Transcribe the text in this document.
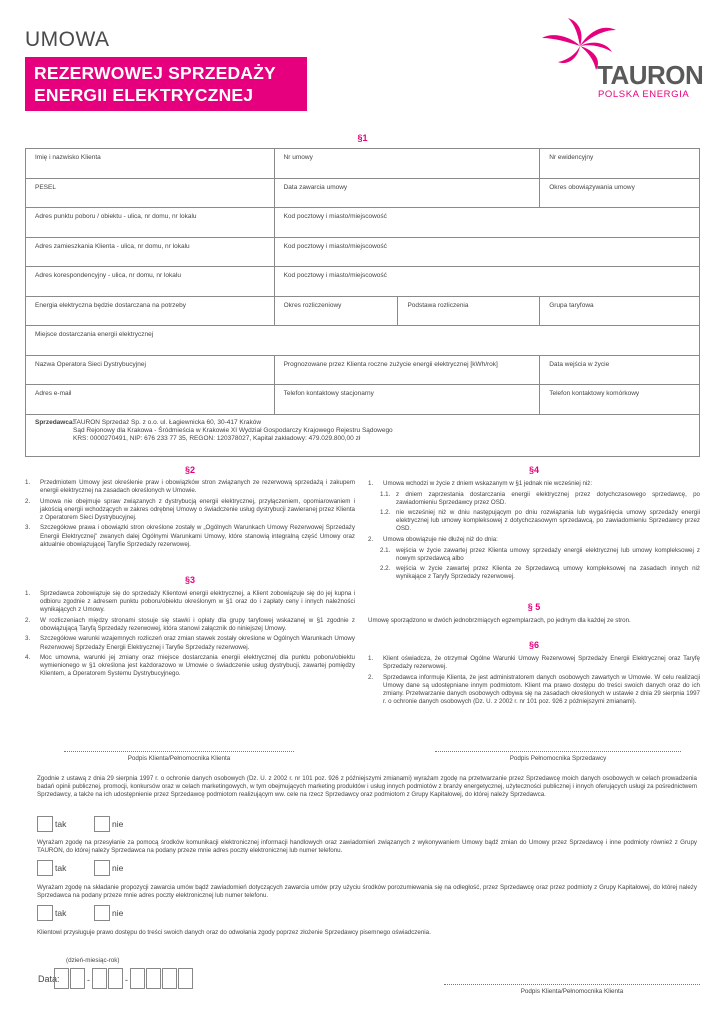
UMOWA
REZERWOWEJ SPRZEDAŻY
ENERGII ELEKTRYCZNEJ
TAURON
POLSKA ENERGIA
§1
Imię i nazwisko Klienta	Nr umowy		Nr ewidencyjny
PESEL	Data zawarcia umowy		Okres obowiązywania umowy
Adres punktu poboru / obiektu - ulica, nr domu, nr lokalu	Kod pocztowy i miasto/miejscowość		
Adres zamieszkania Klienta - ulica, nr domu, nr lokalu	Kod pocztowy i miasto/miejscowość		
Adres korespondencyjny - ulica, nr domu, nr lokalu	Kod pocztowy i miasto/miejscowość		
Energia elektryczna będzie dostarczana na potrzeby	Okres rozliczeniowy	Podstawa rozliczenia	Grupa taryfowa
Miejsce dostarczania energii elektrycznej			
Nazwa Operatora Sieci Dystrybucyjnej	Prognozowane przez Klienta roczne zużycie energii elektrycznej [kWh/rok]		Data wejścia w życie
Adres e-mail	Telefon kontaktowy stacjonarny		Telefon kontaktowy komórkowy

Sprzedawca:
TAURON Sprzedaż Sp. z o.o. ul. Łagiewnicka 60, 30-417 Kraków
Sąd Rejonowy dla Krakowa - Śródmieścia w Krakowie XI Wydział Gospodarczy Krajowego Rejestru Sądowego
KRS: 0000270491, NIP: 676 233 77 35, REGON: 120378027, Kapitał zakładowy: 479.029.800,00 zł			
§2
1. Przedmiotem Umowy jest określenie praw i obowiązków stron związanych ze rezerwową sprzedażą i zakupem energii elektrycznej na zasadach określonych w Umowie.
2. Umowa nie obejmuje spraw związanych z dystrybucją energii elektrycznej, przyłączeniem, opomiarowaniem i jakością energii wchodzących w zakres odrębnej Umowy o świadczenie usług dystrybucji zawieranej przez Klienta z Operatorem Sieci Dystrybucyjnej.
3. Szczegółowe prawa i obowiązki stron określone zostały w „Ogólnych Warunkach Umowy Rezerwowej Sprzedaży Energii Elektrycznej" zwanych dalej Ogólnymi Warunkami Umowy, które stanowią integralną część Umowy oraz aktualnie obowiązującej Taryfie Sprzedaży rezerwowej.
§3
1. Sprzedawca zobowiązuje się do sprzedaży Klientowi energii elektrycznej, a Klient zobowiązuje się do jej kupna i odbioru zgodnie z adresem punktu poboru/obiektu określonym w §1 oraz do i zapłaty ceny i innych należności wynikających z Umowy.
2. W rozliczeniach między stronami stosuje się stawki i opłaty dla grupy taryfowej wskazanej w §1 zgodnie z obowiązującą Taryfą Sprzedaży rezerwowej, która stanowi załącznik do niniejszej Umowy.
3. Szczegółowe warunki wzajemnych rozliczeń oraz zmian stawek zostały określone w Ogólnych Warunkach Umowy Rezerwowej Sprzedaży Energii Elektrycznej i Taryfie Sprzedaży rezerwowej.
4. Moc umowna, warunki jej zmiany oraz miejsce dostarczania energii elektrycznej dla punktu poboru/obiektu wymienionego w §1 określona jest każdorazowo w Umowie o świadczenie usług dystrybucji, zawartej pomiędzy Klientem, a Operatorem Systemu Dystrybucyjnego.
§4
1. Umowa wchodzi w życie z dniem wskazanym w §1 jednak nie wcześniej niż:
1.1. z dniem zaprzestania dostarczania energii elektrycznej przez dotychczasowego sprzedawcę, po zawiadomieniu Sprzedawcy przez OSD.
1.2. nie wcześniej niż w dniu następującym po dniu rozwiązania lub wygaśnięcia umowy sprzedaży energii elektrycznej lub umowy kompleksowej z dotychczasowym sprzedawcą, po zawiadomieniu Sprzedawcy przez OSD.
2. Umowa obowiązuje nie dłużej niż do dnia:
2.1. wejścia w życie zawartej przez Klienta umowy sprzedaży energii elektrycznej lub umowy kompleksowej z nowym sprzedawcą albo
2.2. wejścia w życie zawartej przez Klienta ze Sprzedawcą umowy kompleksowej na zasadach innych niż wynikające z Taryfy Sprzedaży rezerwowej.
§ 5
Umowę sporządzono w dwóch jednobrzmiących egzemplarzach, po jednym dla każdej ze stron.
§6
1. Klient oświadcza, że otrzymał Ogólne Warunki Umowy Rezerwowej Sprzedaży Energii Elektrycznej oraz Taryfę Sprzedaży rezerwowej.
2. Sprzedawca informuje Klienta, że jest administratorem danych osobowych zawartych w Umowie. W celu realizacji Umowy dane są udostępniane innym podmiotom. Klient ma prawo dostępu do treści swoich danych oraz do ich zmiany. Przetwarzanie danych osobowych odbywa się na zasadach określonych w ustawie z dnia 29 sierpnia 1997 r. o ochronie danych osobowych (Dz. U. z 2002 r. nr 101 poz. 926 z późniejszymi zmianami).
Podpis Klienta/Pełnomocnika Klienta	Podpis Pełnomocnika Sprzedawcy
Zgodnie z ustawą z dnia 29 sierpnia 1997 r. o ochronie danych osobowych (Dz. U. z 2002 r. nr 101 poz. 926 z późniejszymi zmianami) wyrażam zgodę na przetwarzanie przez Sprzedawcę moich danych osobowych w celach prowadzenia badań opinii publicznej, promocji, konkursów oraz w celach marketingowych, w tym obejmujących marketing produktów i usług innych podmiotów z branży energetycznej, użyteczności publicznej i innych oferujących usługi za pośrednictwem Sprzedawcy, a także na ich udostępnienie przez Sprzedawcę podmiotom realizującym ww. cele na rzecz Sprzedawcy oraz podmiotom z Grupy Kapitałowej, do której należy Sprzedawca.
tak	nie
Wyrażam zgodę na przesyłanie za pomocą środków komunikacji elektronicznej informacji handlowych oraz zawiadomień związanych z wykonywaniem Umowy bądź zmian do Umowy przez Sprzedawcę i inne podmioty również z Grupy TAURON, do której należy Sprzedawca na podany przeze mnie adres poczty elektronicznej lub numer telefonu.
tak	nie
Wyrażam zgodę na składanie propozycji zawarcia umów bądź zawiadomień dotyczących zawarcia umów przy użyciu środków porozumiewania się na odległość, przez Sprzedawcę oraz przez podmioty z Grupy Kapitałowej, do której należy Sprzedawca na podany przeze mnie adres poczty elektronicznej lub numer telefonu.
tak	nie
Klientowi przysługuje prawo dostępu do treści swoich danych oraz do odwołania zgody poprzez złożenie Sprzedawcy pisemnego oświadczenia.
(dzień-miesiąc-rok)
Data:	-	-
Podpis Klienta/Pełnomocnika Klienta
